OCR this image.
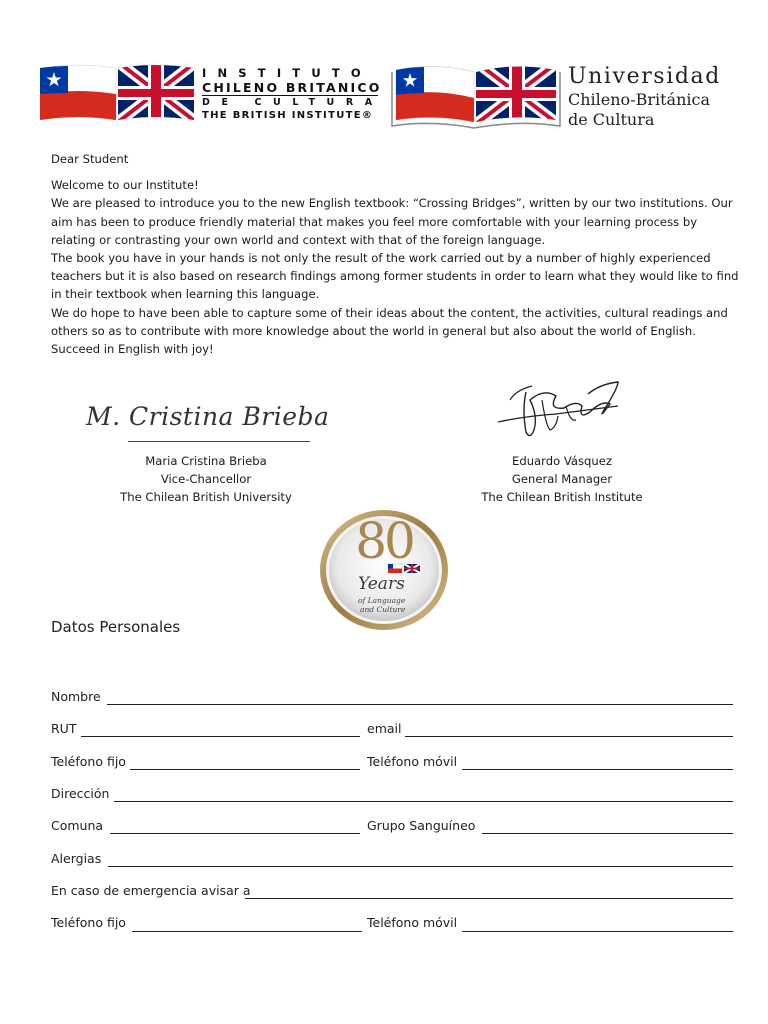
INSTITUTO
CHILENO BRITANICO
DE CULTURA
THE BRITISH INSTITUTE®
Universidad
Chileno-Británica
de Cultura

Dear Student

Welcome to our Institute!

We are pleased to introduce you to the new English textbook: “Crossing Bridges”, written by our two institutions. Our aim has been to produce friendly material that makes you feel more comfortable with your learning process by relating or contrasting your own world and context with that of the foreign language.

The book you have in your hands is not only the result of the work carried out by a number of highly experienced teachers but it is also based on research findings among former students in order to learn what they would like to find in their textbook when learning this language.

We do hope to have been able to capture some of their ideas about the content, the activities, cultural readings and others so as to contribute with more knowledge about the world in general but also about the world of English.

Succeed in English with joy!

M. Cristina Brieba
Maria Cristina Brieba
Vice-Chancellor
The Chilean British University
Eduardo Vásquez
General Manager
The Chilean British Institute
80
Years
of Language
and Culture
Datos Personales
Nombre
RUT	email
Teléfono fijo	Teléfono móvil
Dirección
Comuna	Grupo Sanguíneo
Alergias
En caso de emergencia avisar a
Teléfono fijo	Teléfono móvil
